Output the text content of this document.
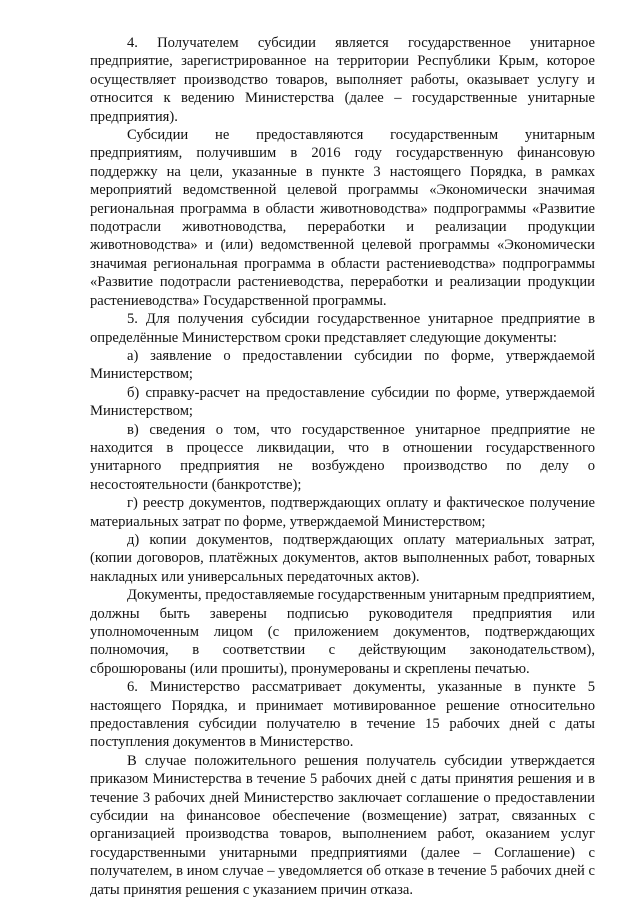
4. Получателем субсидии является государственное унитарное предприятие, зарегистрированное на территории Республики Крым, которое осуществляет производство товаров, выполняет работы, оказывает услугу и относится к ведению Министерства (далее – государственные унитарные предприятия).

Субсидии не предоставляются государственным унитарным предприятиям, получившим в 2016 году государственную финансовую поддержку на цели, указанные в пункте 3 настоящего Порядка, в рамках мероприятий ведомственной целевой программы «Экономически значимая региональная программа в области животноводства» подпрограммы «Развитие подотрасли животноводства, переработки и реализации продукции животноводства» и (или) ведомственной целевой программы «Экономически значимая региональная программа в области растениеводства» подпрограммы «Развитие подотрасли растениеводства, переработки и реализации продукции растениеводства» Государственной программы.

5. Для получения субсидии государственное унитарное предприятие в определённые Министерством сроки представляет следующие документы:

а) заявление о предоставлении субсидии по форме, утверждаемой Министерством;

б) справку-расчет на предоставление субсидии по форме, утверждаемой Министерством;

в) сведения о том, что государственное унитарное предприятие не находится в процессе ликвидации, что в отношении государственного унитарного предприятия не возбуждено производство по делу о несостоятельности (банкротстве);

г) реестр документов, подтверждающих оплату и фактическое получение материальных затрат по форме, утверждаемой Министерством;

д) копии документов, подтверждающих оплату материальных затрат, (копии договоров, платёжных документов, актов выполненных работ, товарных накладных или универсальных передаточных актов).

Документы, предоставляемые государственным унитарным предприятием, должны быть заверены подписью руководителя предприятия или уполномоченным лицом (с приложением документов, подтверждающих полномочия, в соответствии с действующим законодательством), сброшюрованы (или прошиты), пронумерованы и скреплены печатью.

6. Министерство рассматривает документы, указанные в пункте 5 настоящего Порядка, и принимает мотивированное решение относительно предоставления субсидии получателю в течение 15 рабочих дней с даты поступления документов в Министерство.

В случае положительного решения получатель субсидии утверждается приказом Министерства в течение 5 рабочих дней с даты принятия решения и в течение 3 рабочих дней Министерство заключает соглашение о предоставлении субсидии на финансовое обеспечение (возмещение) затрат, связанных с организацией производства товаров, выполнением работ, оказанием услуг государственными унитарными предприятиями (далее – Соглашение) с получателем, в ином случае – уведомляется об отказе в течение 5 рабочих дней с даты принятия решения с указанием причин отказа.
